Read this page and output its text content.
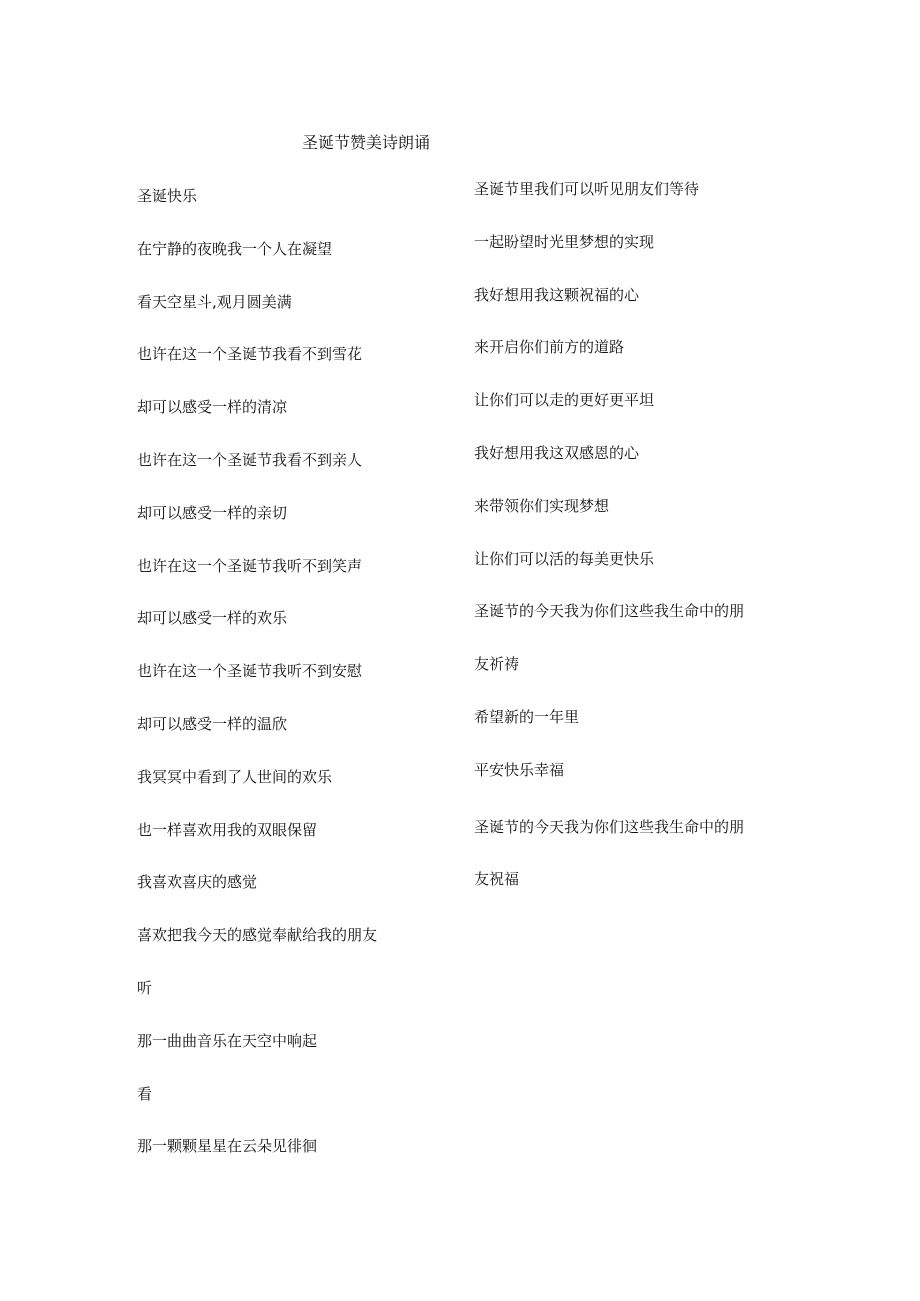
圣诞节赞美诗朗诵
圣诞快乐
在宁静的夜晚我一个人在凝望
看天空星斗,观月圆美满
也许在这一个圣诞节我看不到雪花
却可以感受一样的清凉
也许在这一个圣诞节我看不到亲人
却可以感受一样的亲切
也许在这一个圣诞节我听不到笑声
却可以感受一样的欢乐
也许在这一个圣诞节我听不到安慰
却可以感受一样的温欣
我冥冥中看到了人世间的欢乐
也一样喜欢用我的双眼保留
我喜欢喜庆的感觉
喜欢把我今天的感觉奉献给我的朋友
听
那一曲曲音乐在天空中响起
看
那一颗颗星星在云朵见徘徊
圣诞节里我们可以听见朋友们等待
一起盼望时光里梦想的实现
我好想用我这颗祝福的心
来开启你们前方的道路
让你们可以走的更好更平坦
我好想用我这双感恩的心
来带领你们实现梦想
让你们可以活的每美更快乐
圣诞节的今天我为你们这些我生命中的朋
友祈祷
希望新的一年里
平安快乐幸福
圣诞节的今天我为你们这些我生命中的朋
友祝福
